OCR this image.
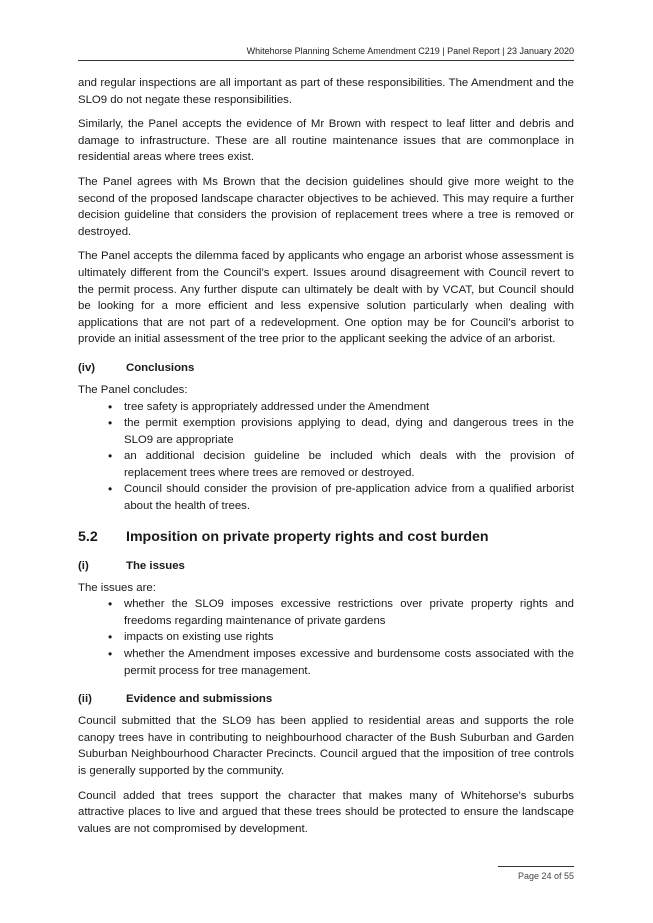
Whitehorse Planning Scheme Amendment C219 | Panel Report | 23 January 2020

and regular inspections are all important as part of these responsibilities. The Amendment and the SLO9 do not negate these responsibilities.

Similarly, the Panel accepts the evidence of Mr Brown with respect to leaf litter and debris and damage to infrastructure. These are all routine maintenance issues that are commonplace in residential areas where trees exist.

The Panel agrees with Ms Brown that the decision guidelines should give more weight to the second of the proposed landscape character objectives to be achieved. This may require a further decision guideline that considers the provision of replacement trees where a tree is removed or destroyed.

The Panel accepts the dilemma faced by applicants who engage an arborist whose assessment is ultimately different from the Council’s expert. Issues around disagreement with Council revert to the permit process. Any further dispute can ultimately be dealt with by VCAT, but Council should be looking for a more efficient and less expensive solution particularly when dealing with applications that are not part of a redevelopment. One option may be for Council’s arborist to provide an initial assessment of the tree prior to the applicant seeking the advice of an arborist.

(iv)	Conclusions

The Panel concludes:

• tree safety is appropriately addressed under the Amendment
• the permit exemption provisions applying to dead, dying and dangerous trees in the SLO9 are appropriate
• an additional decision guideline be included which deals with the provision of replacement trees where trees are removed or destroyed.
• Council should consider the provision of pre-application advice from a qualified arborist about the health of trees.
5.2	Imposition on private property rights and cost burden
(i)	The issues

The issues are:

• whether the SLO9 imposes excessive restrictions over private property rights and freedoms regarding maintenance of private gardens
• impacts on existing use rights
• whether the Amendment imposes excessive and burdensome costs associated with the permit process for tree management.
(ii)	Evidence and submissions

Council submitted that the SLO9 has been applied to residential areas and supports the role canopy trees have in contributing to neighbourhood character of the Bush Suburban and Garden Suburban Neighbourhood Character Precincts. Council argued that the imposition of tree controls is generally supported by the community.

Council added that trees support the character that makes many of Whitehorse’s suburbs attractive places to live and argued that these trees should be protected to ensure the landscape values are not compromised by development.

Page 24 of 55
